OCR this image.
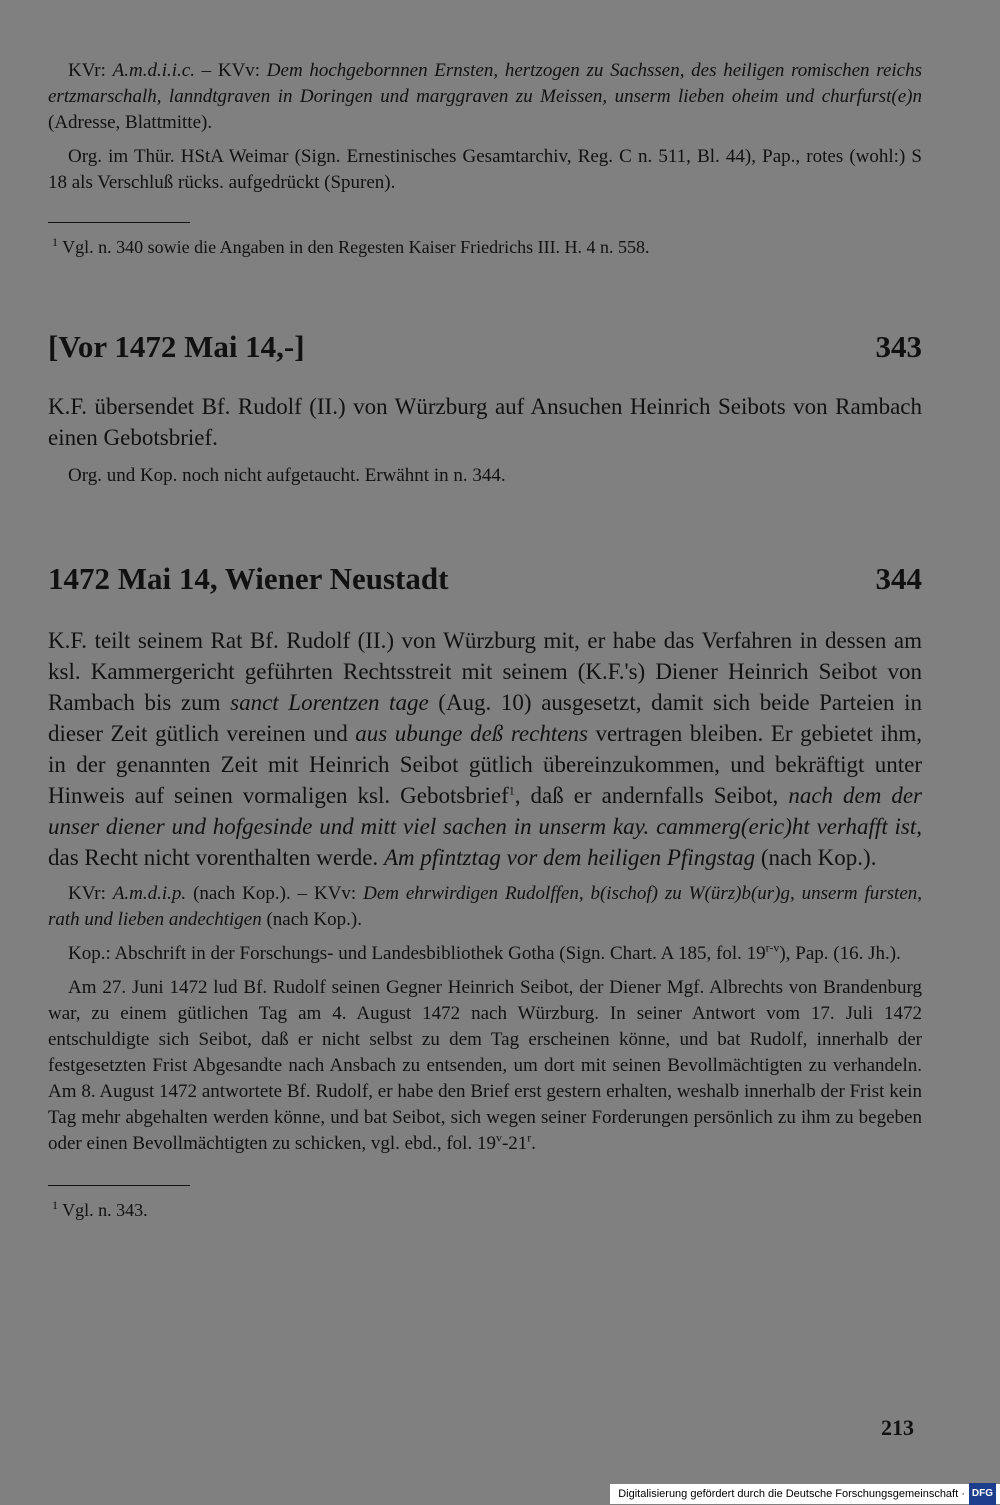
KVr: A.m.d.i.i.c. – KVv: Dem hochgebornnen Ernsten, hertzogen zu Sachssen, des heiligen romischen reichs ertzmarschalh, lanndtgraven in Doringen und marggraven zu Meissen, unserm lieben oheim und churfurst(e)n (Adresse, Blattmitte).

Org. im Thür. HStA Weimar (Sign. Ernestinisches Gesamtarchiv, Reg. C n. 511, Bl. 44), Pap., rotes (wohl:) S 18 als Verschluß rücks. aufgedrückt (Spuren).

$^1$ Vgl. n. 340 sowie die Angaben in den Regesten Kaiser Friedrichs III. H. 4 n. 558.
[Vor 1472 Mai 14,-]	343

K.F. übersendet Bf. Rudolf (II.) von Würzburg auf Ansuchen Heinrich Seibots von Rambach einen Gebotsbrief.

Org. und Kop. noch nicht aufgetaucht. Erwähnt in n. 344.

1472 Mai 14, Wiener Neustadt	344

K.F. teilt seinem Rat Bf. Rudolf (II.) von Würzburg mit, er habe das Verfahren in dessen am ksl. Kammergericht geführten Rechtsstreit mit seinem (K.F.'s) Diener Heinrich Seibot von Rambach bis zum sanct Lorentzen tage (Aug. 10) ausgesetzt, damit sich beide Parteien in dieser Zeit gütlich vereinen und aus ubunge deß rechtens vertragen bleiben. Er gebietet ihm, in der genannten Zeit mit Heinrich Seibot gütlich übereinzukommen, und bekräftigt unter Hinweis auf seinen vormaligen ksl. Gebotsbrief$^1$, daß er andernfalls Seibot, nach dem der unser diener und hofgesinde und mitt viel sachen in unserm kay. cammerg(eric)ht verhafft ist, das Recht nicht vorenthalten werde. Am pfintztag vor dem heiligen Pfingstag (nach Kop.).

KVr: A.m.d.i.p. (nach Kop.). – KVv: Dem ehrwirdigen Rudolffen, b(ischof) zu W(ürz)b(ur)g, unserm fursten, rath und lieben andechtigen (nach Kop.).

Kop.: Abschrift in der Forschungs- und Landesbibliothek Gotha (Sign. Chart. A 185, fol. 19$^{r-v}$), Pap. (16. Jh.).

Am 27. Juni 1472 lud Bf. Rudolf seinen Gegner Heinrich Seibot, der Diener Mgf. Albrechts von Brandenburg war, zu einem gütlichen Tag am 4. August 1472 nach Würzburg. In seiner Antwort vom 17. Juli 1472 entschuldigte sich Seibot, daß er nicht selbst zu dem Tag erscheinen könne, und bat Rudolf, innerhalb der festgesetzten Frist Abgesandte nach Ansbach zu entsenden, um dort mit seinen Bevollmächtigten zu verhandeln. Am 8. August 1472 antwortete Bf. Rudolf, er habe den Brief erst gestern erhalten, weshalb innerhalb der Frist kein Tag mehr abgehalten werden könne, und bat Seibot, sich wegen seiner Forderungen persönlich zu ihm zu begeben oder einen Bevollmächtigten zu schicken, vgl. ebd., fol. 19$^v$-21$^r$.

$^1$ Vgl. n. 343.
213
Digitalisierung gefördert durch die Deutsche Forschungsgemeinschaft · DFG
